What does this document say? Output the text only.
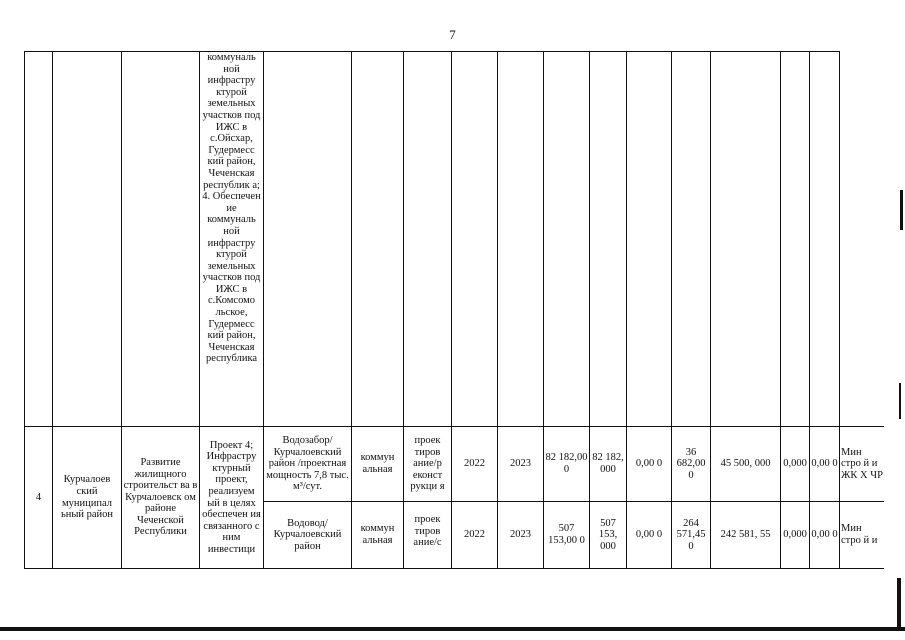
7

			коммуналь ной инфрастру ктурой земельных участков под ИЖС в с.Ойсхар, Гудермесс кий район, Чеченская республик а; 4. Обеспечен ие коммуналь ной инфрастру ктурой земельных участков под ИЖС в с.Комсомо льское, Гудермесс кий район, Чеченская республика													

4	Курчалоев ский муниципал ьный район	Развитие жилищного строительст ва в Курчалоевск ом районе Чеченской Республики	Проект 4; Инфрастру ктурный проект, реализуем ый в целях обеспечен ия связанного с ним инвестици	Водозабор/ Курчалоевский район /проектная мощность 7,8 тыс. м³/сут.	коммун альная	проек тиров ание/р еконст рукци я	2022	2023	82 182,00 0	82 182, 000	0,00 0	36 682,00 0	45 500, 000	0,000	0,00 0	Мин стро й и ЖК Х ЧР
				Водовод/ Курчалоевский район	коммун альная	проек тиров ание/с	2022	2023	507 153,00 0	507 153, 000	0,00 0	264 571,45 0	242 581, 55	0,000	0,00 0	Мин стро й и
